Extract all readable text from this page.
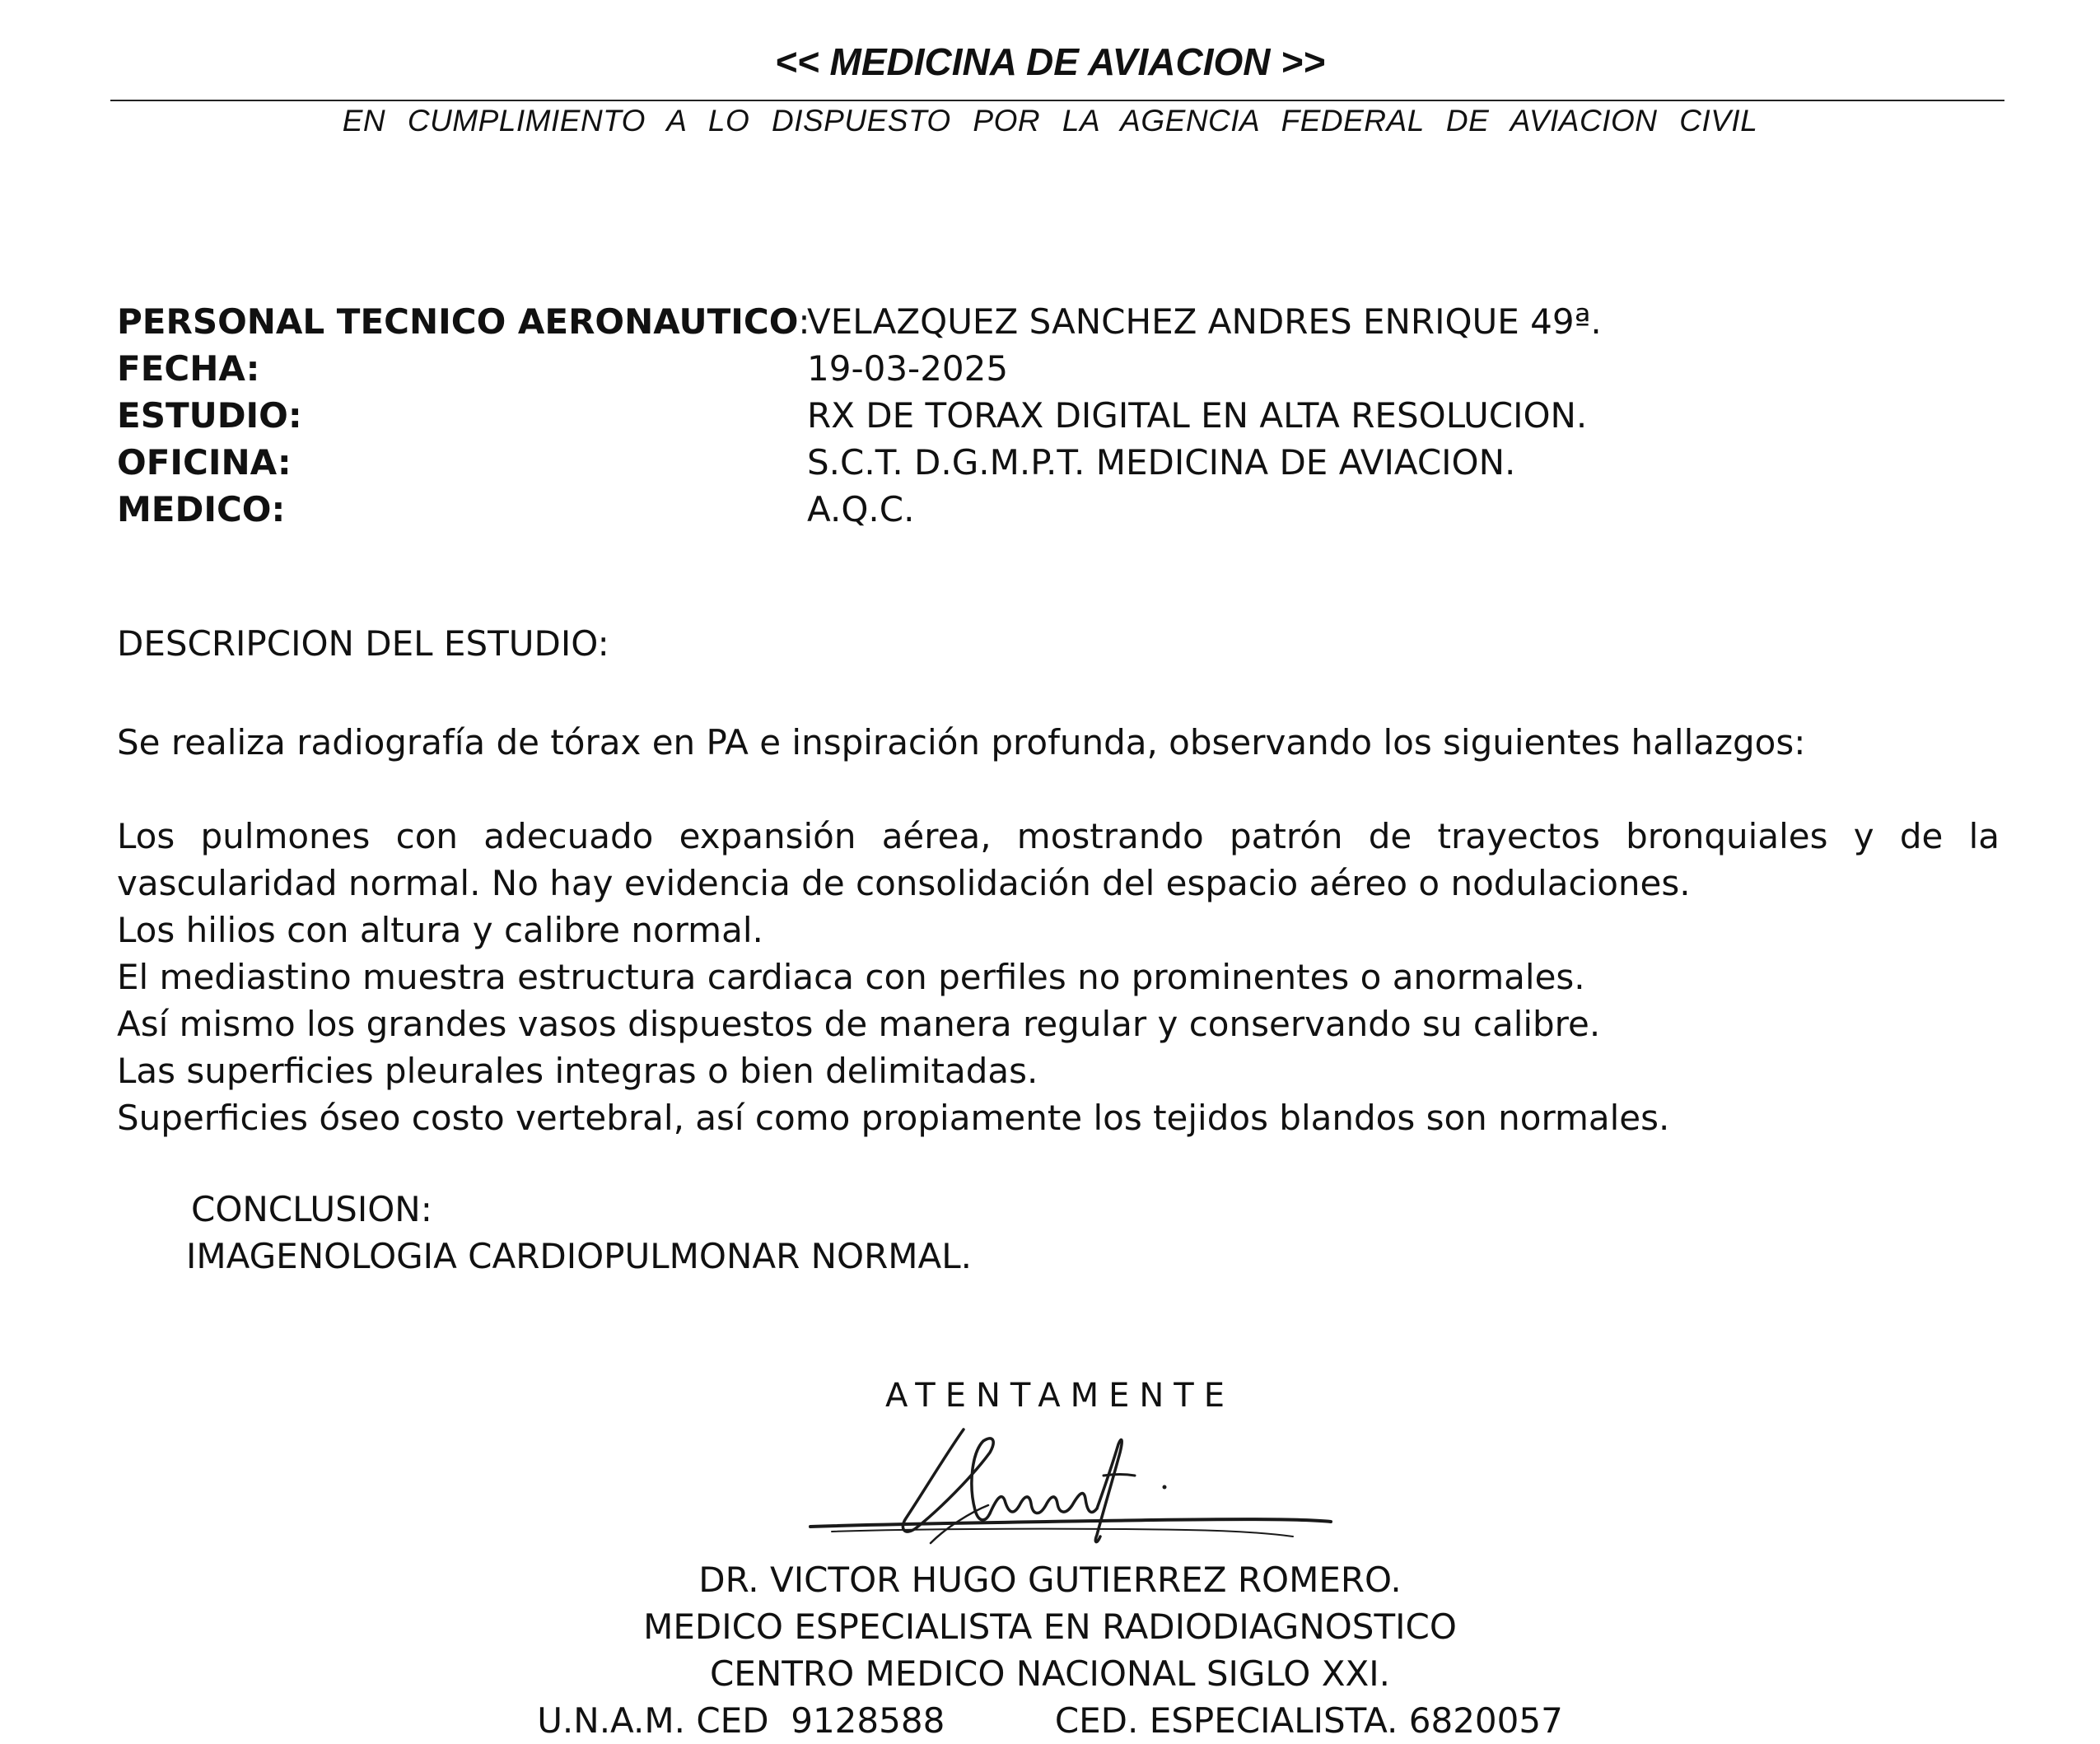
<< MEDICINA DE AVIACION >>
EN CUMPLIMIENTO A LO DISPUESTO POR LA AGENCIA FEDERAL DE AVIACION CIVIL
PERSONAL TECNICO AERONAUTICO:
VELAZQUEZ SANCHEZ ANDRES ENRIQUE 49ª.
FECHA:	19-03-2025
ESTUDIO:	RX DE TORAX DIGITAL EN ALTA RESOLUCION.
OFICINA:	S.C.T. D.G.M.P.T. MEDICINA DE AVIACION.
MEDICO:	A.Q.C.
DESCRIPCION DEL ESTUDIO:

Se realiza radiografía de tórax en PA e inspiración profunda, observando los siguientes hallazgos:

Los pulmones con adecuado expansión aérea, mostrando patrón de trayectos bronquiales y de la vascularidad normal. No hay evidencia de consolidación del espacio aéreo o nodulaciones.

Los hilios con altura y calibre normal.

El mediastino muestra estructura cardiaca con perfiles no prominentes o anormales.

Así mismo los grandes vasos dispuestos de manera regular y conservando su calibre.

Las superficies pleurales integras o bien delimitadas.

Superficies óseo costo vertebral, así como propiamente los tejidos blandos son normales.

CONCLUSION:
IMAGENOLOGIA CARDIOPULMONAR NORMAL.
ATENTAMENTE
DR. VICTOR HUGO GUTIERREZ ROMERO.
MEDICO ESPECIALISTA EN RADIODIAGNOSTICO
CENTRO MEDICO NACIONAL SIGLO XXI.
U.N.A.M. CED  9128588	CED. ESPECIALISTA. 6820057
